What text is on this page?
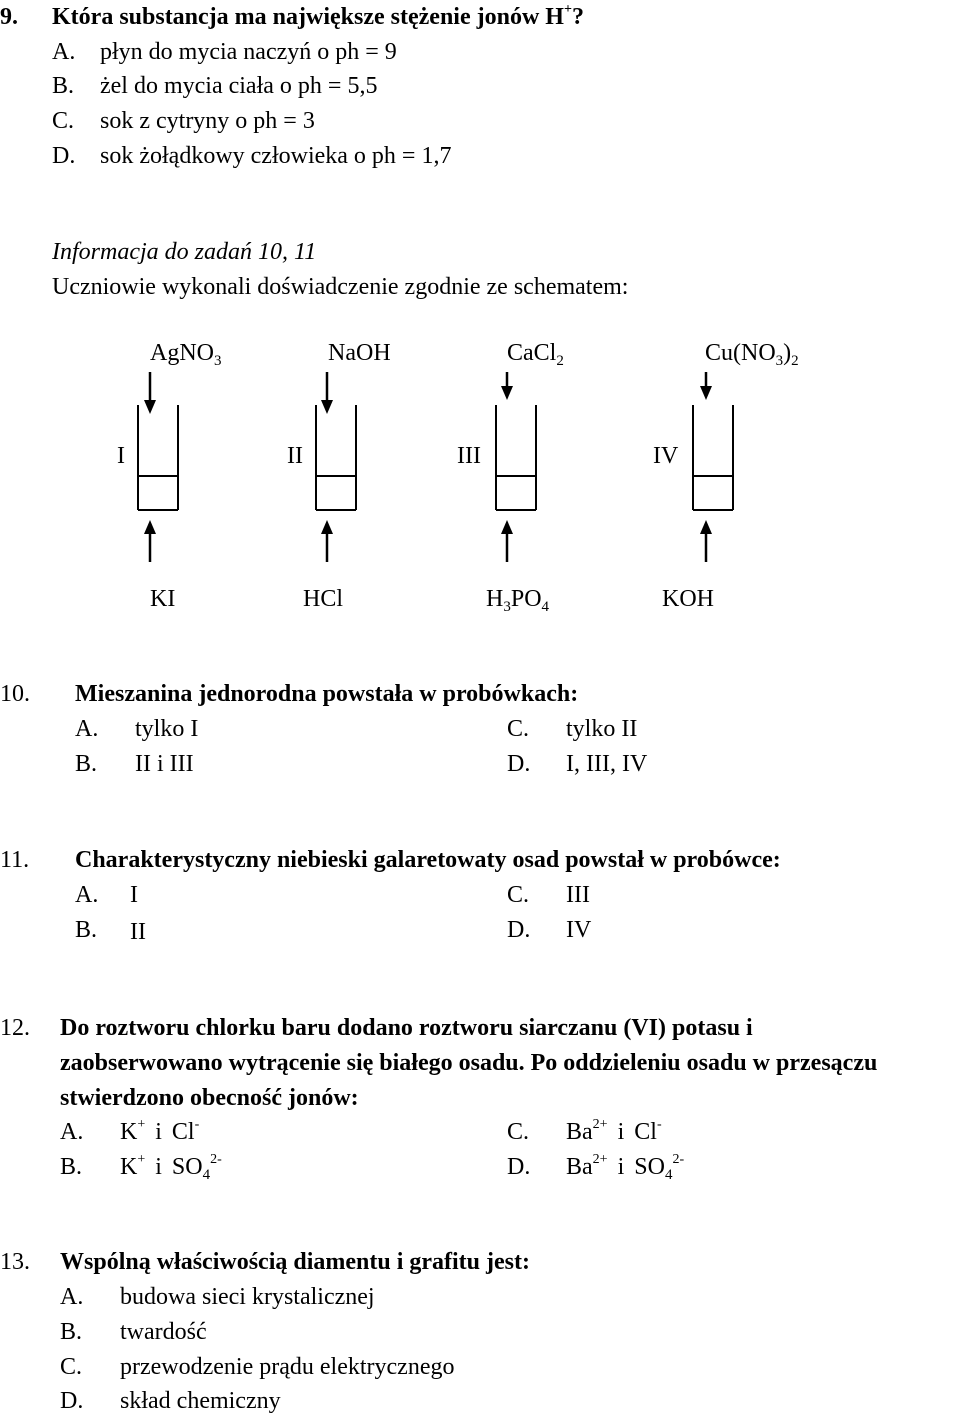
9. Która substancja ma największe stężenie jonów H+?
A. płyn do mycia naczyń o ph = 9
B. żel do mycia ciała o ph = 5,5
C. sok z cytryny o ph = 3
D. sok żołądkowy człowieka o ph = 1,7
Informacja do zadań 10, 11
Uczniowie wykonali doświadczenie zgodnie ze schematem:
AgNO$_3$	NaOH	CaCl$_2$	$Cu(NO_3)_2$
I	II	III	IV
KI	HCl	$H_3PO_4$	KOH
10. Mieszanina jednorodna powstała w probówkach:
A. tylko I	C. tylko II
B. II i III	D. I, III, IV
11. Charakterystyczny niebieski galaretowaty osad powstał w probówce:
A. I	C. III
B. II	D. IV
12. Do roztworu chlorku baru dodano roztworu siarczanu (VI) potasu i
zaobserwowano wytrącenie się białego osadu. Po oddzieleniu osadu w przesączu
stwierdzono obecność jonów:
A. K+ i Cl-	C. $Ba^{2+}$ i Cl-
B. K+ i $SO_4^{2-}$	D. $Ba^{2+}$ i $SO_4^{2-}$
13. Wspólną właściwością diamentu i grafitu jest:
A. budowa sieci krystalicznej
B. twardość
C. przewodzenie prądu elektrycznego
D. skład chemiczny
